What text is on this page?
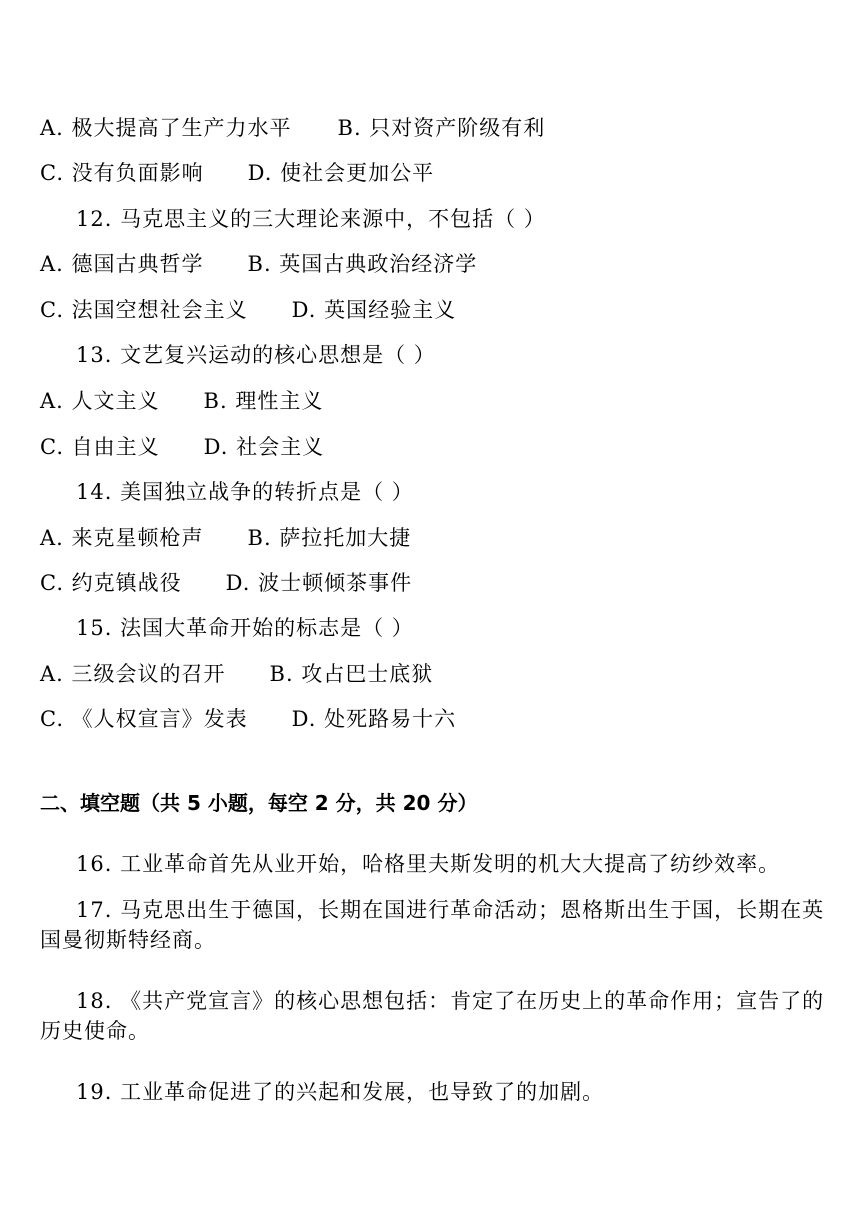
A. 极大提高了生产力水平 B. 只对资产阶级有利
C. 没有负面影响 D. 使社会更加公平
12. 马克思主义的三大理论来源中，不包括（ ）
A. 德国古典哲学 B. 英国古典政治经济学
C. 法国空想社会主义 D. 英国经验主义
13. 文艺复兴运动的核心思想是（ ）
A. 人文主义 B. 理性主义
C. 自由主义 D. 社会主义
14. 美国独立战争的转折点是（ ）
A. 来克星顿枪声 B. 萨拉托加大捷
C. 约克镇战役 D. 波士顿倾茶事件
15. 法国大革命开始的标志是（ ）
A. 三级会议的召开 B. 攻占巴士底狱
C. 《人权宣言》发表 D. 处死路易十六
二、填空题（共 5 小题，每空 2 分，共 20 分）
16. 工业革命首先从业开始，哈格里夫斯发明的机大大提高了纺纱效率。
17. 马克思出生于德国，长期在国进行革命活动；恩格斯出生于国，长期在英国曼彻斯特经商。
18. 《共产党宣言》的核心思想包括：肯定了在历史上的革命作用；宣告了的历史使命。
19. 工业革命促进了的兴起和发展，也导致了的加剧。
